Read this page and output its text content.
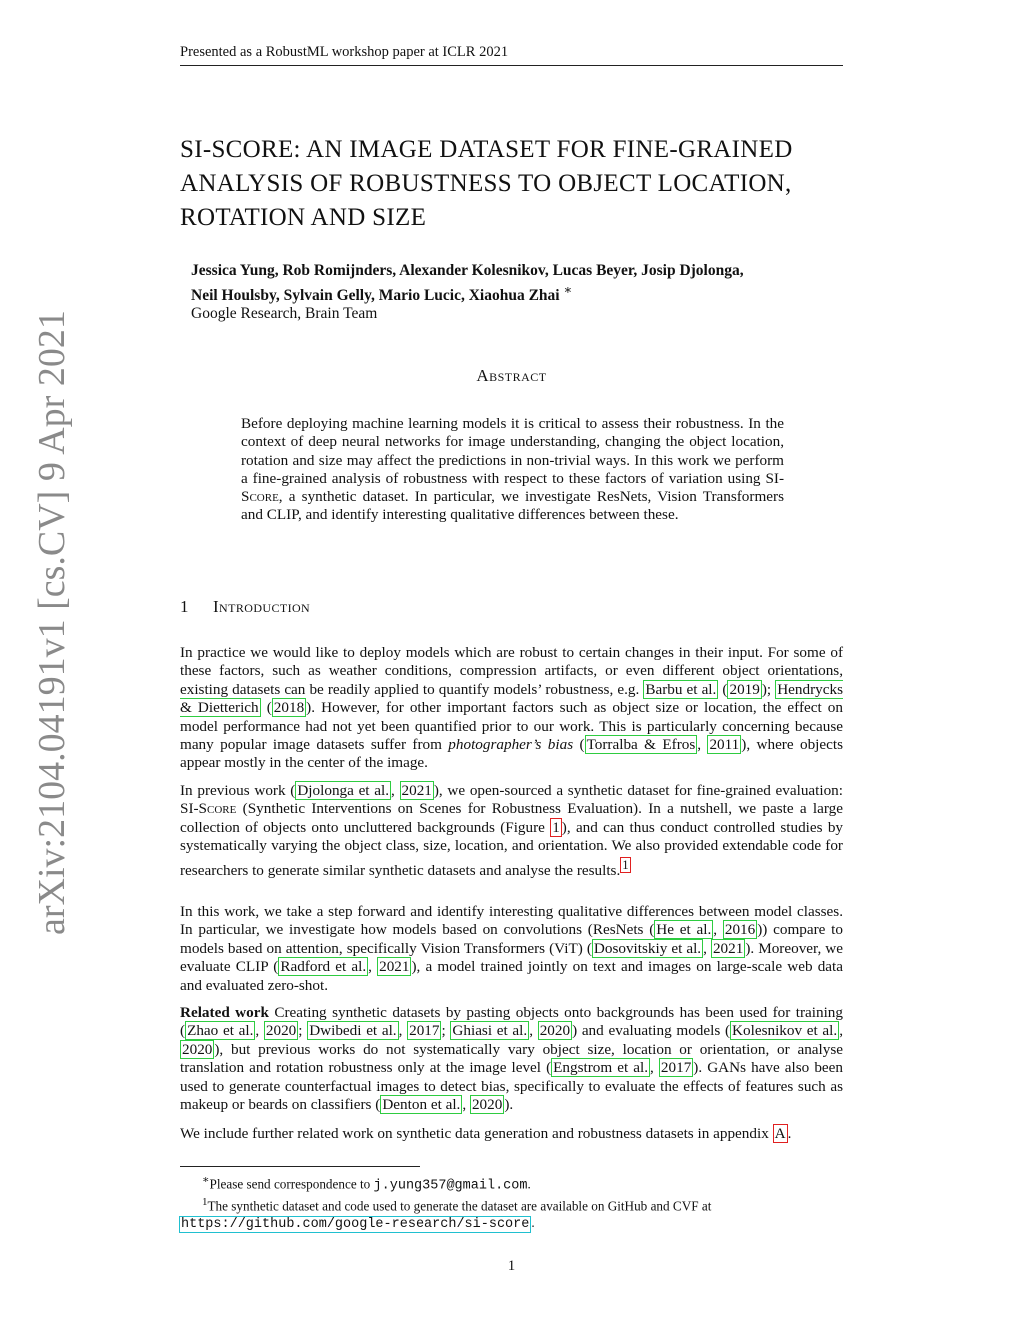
Presented as a RobustML workshop paper at ICLR 2021
arXiv:2104.04191v1 [cs.CV] 9 Apr 2021
SI-SCORE: AN IMAGE DATASET FOR FINE-GRAINED
ANALYSIS OF ROBUSTNESS TO OBJECT LOCATION,
ROTATION AND SIZE
Jessica Yung, Rob Romijnders, Alexander Kolesnikov, Lucas Beyer, Josip Djolonga,
Neil Houlsby, Sylvain Gelly, Mario Lucic, Xiaohua Zhai ∗
Google Research, Brain Team
Abstract
Before deploying machine learning models it is critical to assess their robustness. In the context of deep neural networks for image understanding, changing the object location, rotation and size may affect the predictions in non-trivial ways. In this work we perform a fine-grained analysis of robustness with respect to these factors of variation using SI-Score, a synthetic dataset. In particular, we investigate ResNets, Vision Transformers and CLIP, and identify interesting qualitative differences between these.
1 Introduction
In practice we would like to deploy models which are robust to certain changes in their input. For some of these factors, such as weather conditions, compression artifacts, or even different object orientations, existing datasets can be readily applied to quantify models’ robustness, e.g. Barbu et al. ( 2019 ); Hendrycks & Dietterich ( 2018 ). However, for other important factors such as object size or location, the effect on model performance had not yet been quantified prior to our work. This is particularly concerning because many popular image datasets suffer from photographer’s bias ( Torralba & Efros , 2011 ), where objects appear mostly in the center of the image.
In previous work ( Djolonga et al. , 2021 ), we open-sourced a synthetic dataset for fine-grained evaluation: SI-Score (Synthetic Interventions on Scenes for Robustness Evaluation). In a nutshell, we paste a large collection of objects onto uncluttered backgrounds (Figure 1 ), and can thus conduct controlled studies by systematically varying the object class, size, location, and orientation. We also provided extendable code for researchers to generate similar synthetic datasets and analyse the results. $^1$
In this work, we take a step forward and identify interesting qualitative differences between model classes. In particular, we investigate how models based on convolutions (ResNets ( He et al. , 2016 )) compare to models based on attention, specifically Vision Transformers (ViT) ( Dosovitskiy et al. , 2021 ). Moreover, we evaluate CLIP ( Radford et al. , 2021 ), a model trained jointly on text and images on large-scale web data and evaluated zero-shot.
Related work Creating synthetic datasets by pasting objects onto backgrounds has been used for training ( Zhao et al. , 2020 ; Dwibedi et al. , 2017 ; Ghiasi et al. , 2020 ) and evaluating models ( Kolesnikov et al. , 2020 ), but previous works do not systematically vary object size, location or orientation, or analyse translation and rotation robustness only at the image level ( Engstrom et al. , 2017 ). GANs have also been used to generate counterfactual images to detect bias, specifically to evaluate the effects of features such as makeup or beards on classifiers ( Denton et al. , 2020 ).
We include further related work on synthetic data generation and robustness datasets in appendix A .
∗Please send correspondence to j.yung357@gmail.com.
$^1$The synthetic dataset and code used to generate the dataset are available on GitHub and CVF at
https://github.com/google-research/si-score .
1
